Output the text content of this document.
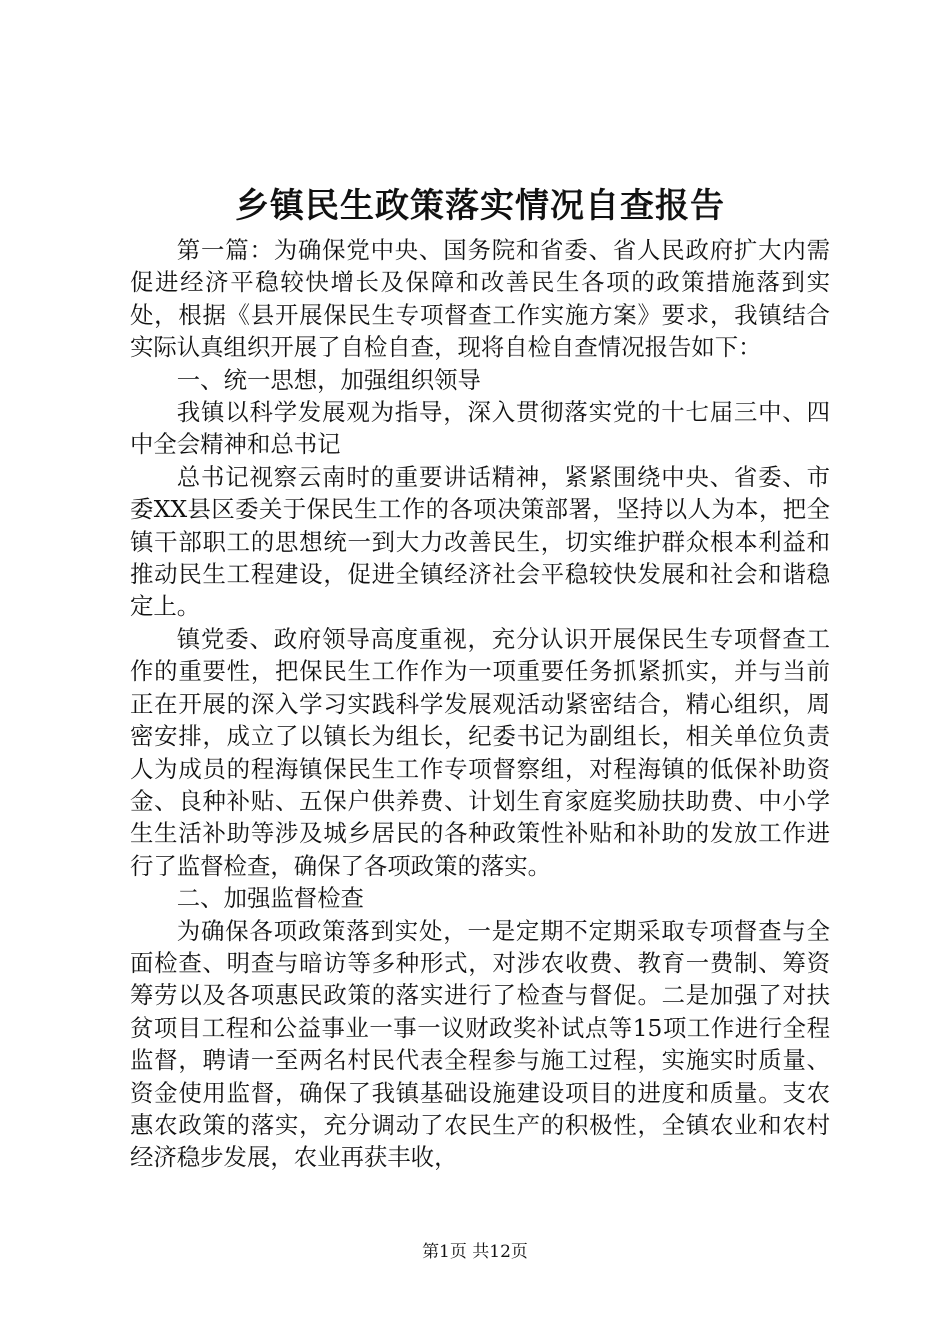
乡镇民生政策落实情况自查报告

第一篇：为确保党中央、国务院和省委、省人民政府扩大内需促进经济平稳较快增长及保障和改善民生各项的政策措施落到实处，根据《县开展保民生专项督查工作实施方案》要求，我镇结合实际认真组织开展了自检自查，现将自检自查情况报告如下：

一、统一思想，加强组织领导

我镇以科学发展观为指导，深入贯彻落实党的十七届三中、四中全会精神和总书记

总书记视察云南时的重要讲话精神，紧紧围绕中央、省委、市委XX县区委关于保民生工作的各项决策部署，坚持以人为本，把全镇干部职工的思想统一到大力改善民生，切实维护群众根本利益和推动民生工程建设，促进全镇经济社会平稳较快发展和社会和谐稳定上。

镇党委、政府领导高度重视，充分认识开展保民生专项督查工作的重要性，把保民生工作作为一项重要任务抓紧抓实，并与当前正在开展的深入学习实践科学发展观活动紧密结合，精心组织，周密安排，成立了以镇长为组长，纪委书记为副组长，相关单位负责人为成员的程海镇保民生工作专项督察组，对程海镇的低保补助资金、良种补贴、五保户供养费、计划生育家庭奖励扶助费、中小学生生活补助等涉及城乡居民的各种政策性补贴和补助的发放工作进行了监督检查，确保了各项政策的落实。

二、加强监督检查

为确保各项政策落到实处，一是定期不定期采取专项督查与全面检查、明查与暗访等多种形式，对涉农收费、教育一费制、筹资筹劳以及各项惠民政策的落实进行了检查与督促。二是加强了对扶贫项目工程和公益事业一事一议财政奖补试点等15项工作进行全程监督，聘请一至两名村民代表全程参与施工过程，实施实时质量、资金使用监督，确保了我镇基础设施建设项目的进度和质量。支农惠农政策的落实，充分调动了农民生产的积极性，全镇农业和农村经济稳步发展，农业再获丰收，

第1页 共12页
